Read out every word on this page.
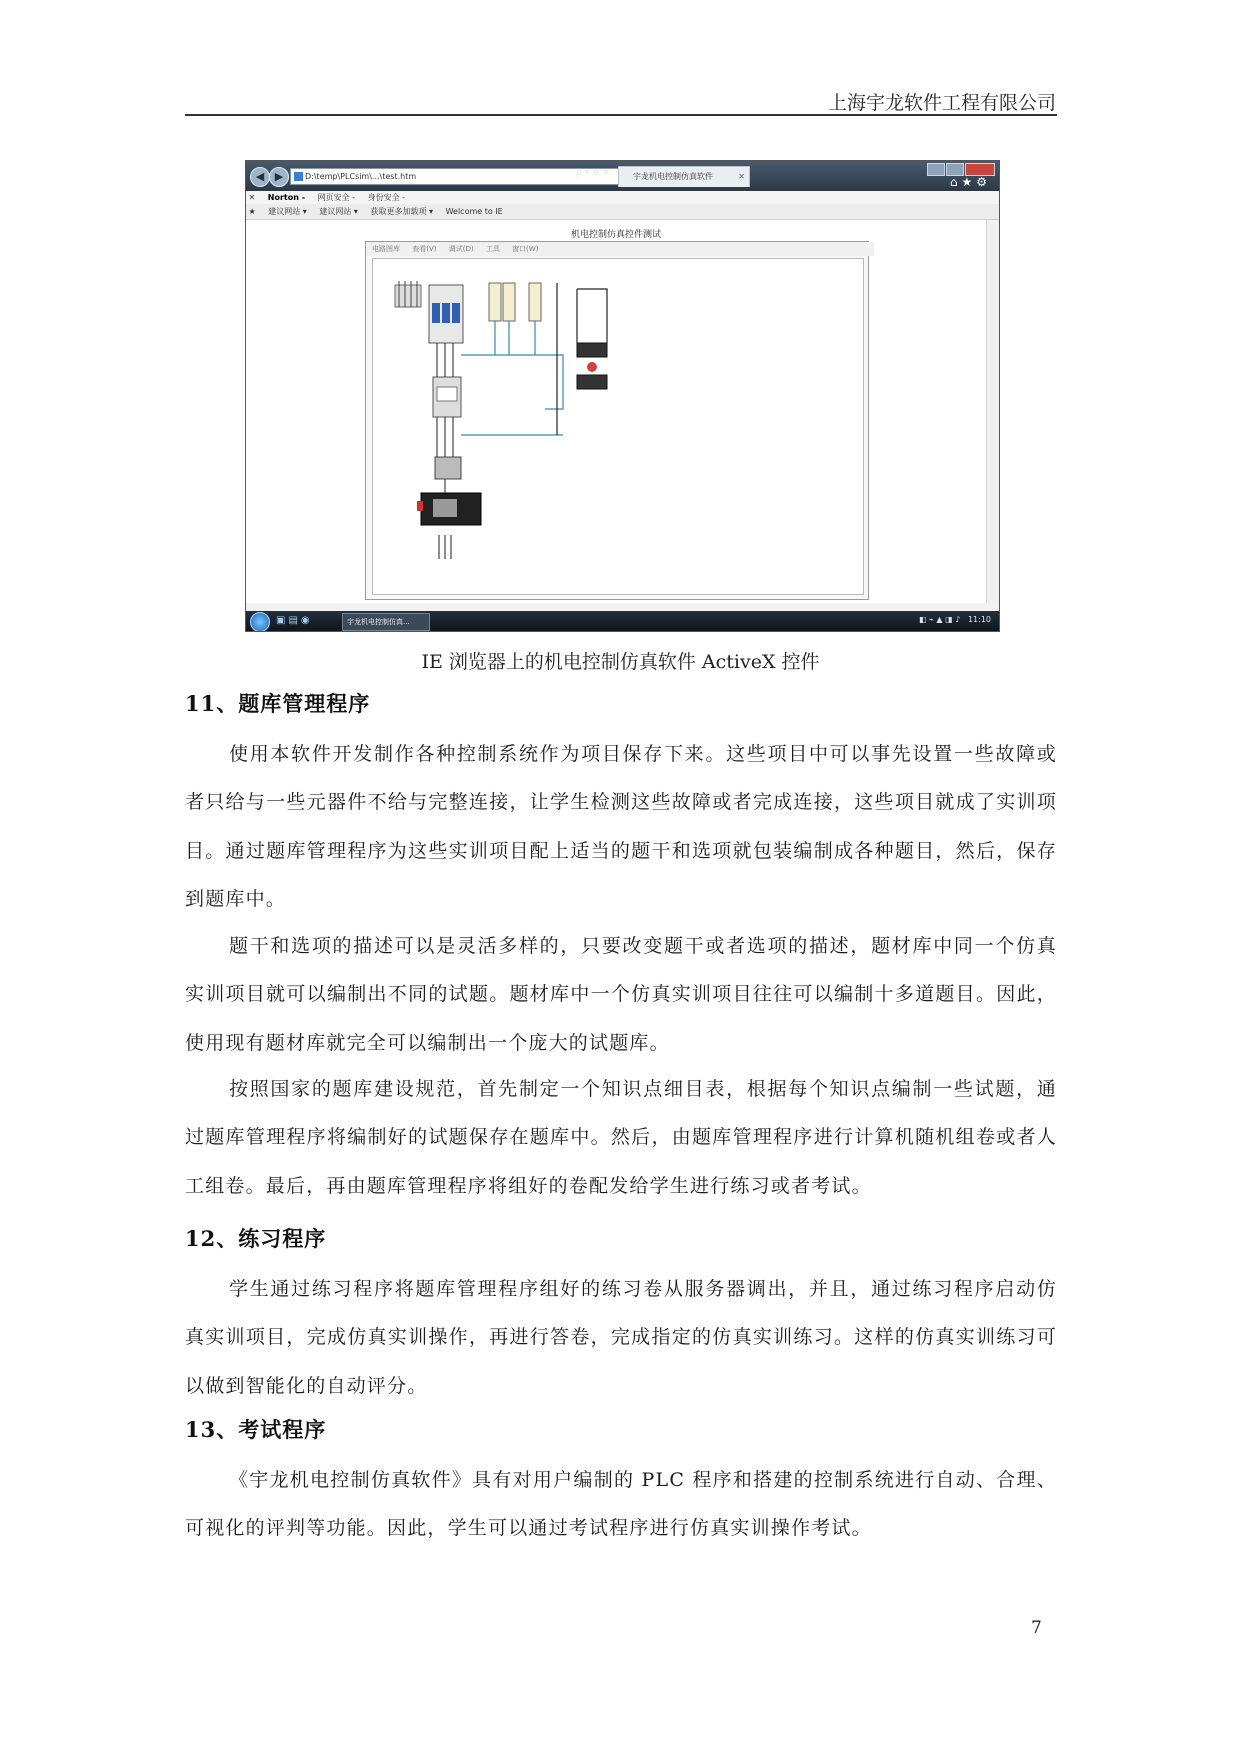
上海宇龙软件工程有限公司
◀ ▶	D:\temp\PLCsim\...\test.htm	ρ ▾ ⊗ ✕	宇龙机电控制仿真软件	✕	⌂★⚙
✕ Norton - 网页安全 - 身份安全 -
★ 建议网站 ▾ 建议网站 ▾ 获取更多加载项 ▾ Welcome to IE
机电控制仿真控件测试
电路图库 查看(V) 调试(D) 工具 窗口(W)
▣▤◉	宇龙机电控制仿真...	◧ ⌁ ▲ ◨ ♪   11:10
IE 浏览器上的机电控制仿真软件 ActiveX 控件
11、题库管理程序

使用本软件开发制作各种控制系统作为项目保存下来。这些项目中可以事先设置一些故障或者只给与一些元器件不给与完整连接，让学生检测这些故障或者完成连接，这些项目就成了实训项目。通过题库管理程序为这些实训项目配上适当的题干和选项就包装编制成各种题目，然后，保存到题库中。

题干和选项的描述可以是灵活多样的，只要改变题干或者选项的描述，题材库中同一个仿真实训项目就可以编制出不同的试题。题材库中一个仿真实训项目往往可以编制十多道题目。因此，使用现有题材库就完全可以编制出一个庞大的试题库。

按照国家的题库建设规范，首先制定一个知识点细目表，根据每个知识点编制一些试题，通过题库管理程序将编制好的试题保存在题库中。然后，由题库管理程序进行计算机随机组卷或者人工组卷。最后，再由题库管理程序将组好的卷配发给学生进行练习或者考试。

12、练习程序

学生通过练习程序将题库管理程序组好的练习卷从服务器调出，并且，通过练习程序启动仿真实训项目，完成仿真实训操作，再进行答卷，完成指定的仿真实训练习。这样的仿真实训练习可以做到智能化的自动评分。

13、考试程序

《宇龙机电控制仿真软件》具有对用户编制的 PLC 程序和搭建的控制系统进行自动、合理、可视化的评判等功能。因此，学生可以通过考试程序进行仿真实训操作考试。

7
